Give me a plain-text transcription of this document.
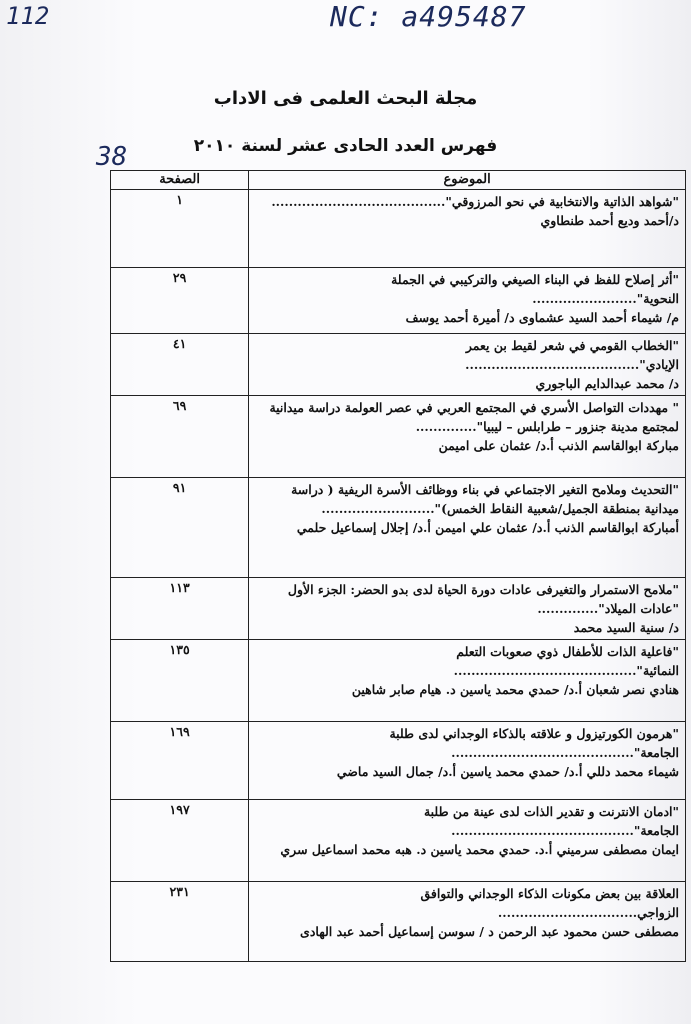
112	NC: a495487
38
مجلة البحث العلمى فى الاداب
فهرس العدد الحادى عشر لسنة ٢٠١٠
الموضوع	الصفحة

"شواهد الذاتية والانتخابية في نحو المرزوقي"........................................
د/أحمد وديع أحمد طنطاوي	١

"أثر إصلاح للفظ في البناء الصيغي والتركيبي في الجملة النحوية"........................
م/ شيماء أحمد السيد عشماوى د/ أميرة أحمد يوسف	٢٩

"الخطاب القومي في شعر لقيط بن يعمر الإيادي"........................................
د/ محمد عبدالدايم الباجوري	٤١

" مهددات التواصل الأسري في المجتمع العربي في عصر العولمة دراسة ميدانية لمجتمع مدينة جنزور – طرابلس – ليبيا"..............
مباركة ابوالقاسم الذنب أ.د/ عثمان على اميمن	٦٩

"التحديث وملامح التغير الاجتماعي في بناء ووظائف الأسرة الريفية ( دراسة ميدانية بمنطقة الجميل/شعبية النقاط الخمس)"..........................
أمباركة ابوالقاسم الذنب أ.د/ عثمان علي اميمن أ.د/ إجلال إسماعيل حلمي	٩١

"ملامح الاستمرار والتغيرفى عادات دورة الحياة لدى بدو الحضر: الجزء الأول "عادات الميلاد"..............
د/ سنية السيد محمد	١١٣

"فاعلية الذات للأطفال ذوي صعوبات التعلم النمائية"..........................................
هنادي نصر شعبان أ.د/ حمدي محمد ياسين د. هيام صابر شاهين	١٣٥

"هرمون الكورتيزول و علاقته بالذكاء الوجداني لدى طلبة الجامعة"..........................................
شيماء محمد دللي أ.د/ حمدي محمد ياسين أ.د/ جمال السيد ماضي	١٦٩

"ادمان الانترنت و تقدير الذات لدى عينة من طلبة الجامعة"..........................................
ايمان مصطفى سرميني أ.د. حمدي محمد ياسين د. هبه محمد اسماعيل سري	١٩٧

العلاقة بين بعض مكونات الذكاء الوجداني والتوافق الزواجي................................
مصطفى حسن محمود عبد الرحمن د / سوسن إسماعيل أحمد عبد الهادى	٢٣١
